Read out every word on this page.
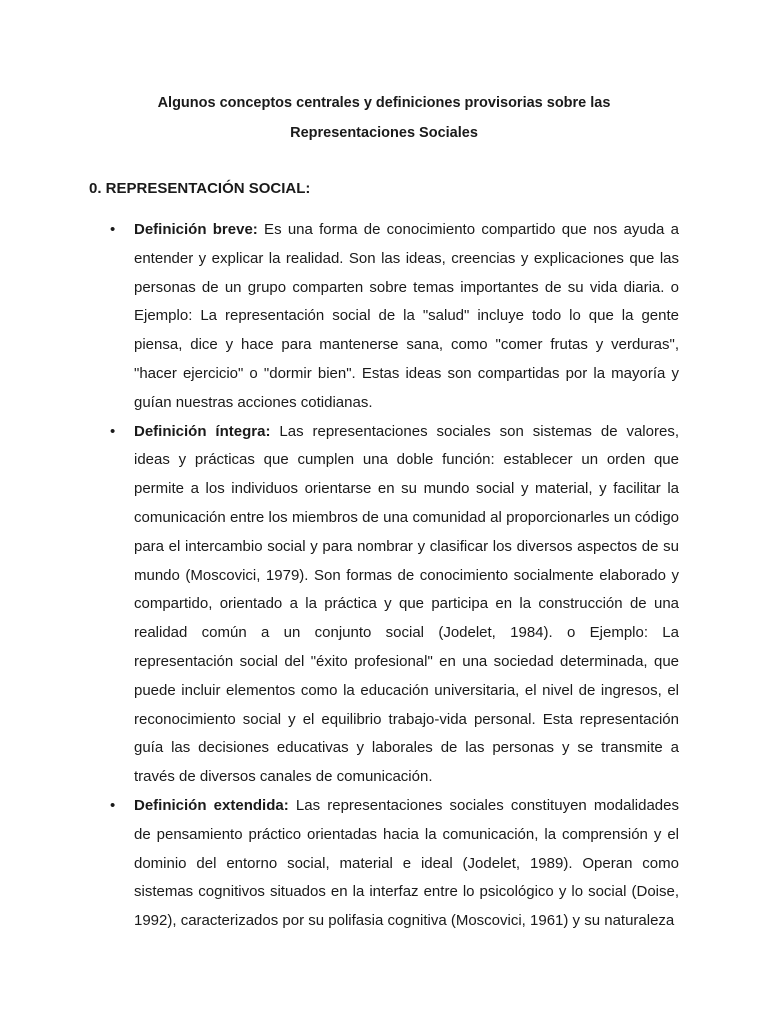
Algunos conceptos centrales y definiciones provisorias sobre las

Representaciones Sociales

0. REPRESENTACIÓN SOCIAL:

• Definición breve: Es una forma de conocimiento compartido que nos ayuda a entender y explicar la realidad. Son las ideas, creencias y explicaciones que las personas de un grupo comparten sobre temas importantes de su vida diaria. o Ejemplo: La representación social de la "salud" incluye todo lo que la gente piensa, dice y hace para mantenerse sana, como "comer frutas y verduras", "hacer ejercicio" o "dormir bien". Estas ideas son compartidas por la mayoría y guían nuestras acciones cotidianas.
• Definición íntegra: Las representaciones sociales son sistemas de valores, ideas y prácticas que cumplen una doble función: establecer un orden que permite a los individuos orientarse en su mundo social y material, y facilitar la comunicación entre los miembros de una comunidad al proporcionarles un código para el intercambio social y para nombrar y clasificar los diversos aspectos de su mundo (Moscovici, 1979). Son formas de conocimiento socialmente elaborado y compartido, orientado a la práctica y que participa en la construcción de una realidad común a un conjunto social (Jodelet, 1984). o Ejemplo: La representación social del "éxito profesional" en una sociedad determinada, que puede incluir elementos como la educación universitaria, el nivel de ingresos, el reconocimiento social y el equilibrio trabajo-vida personal. Esta representación guía las decisiones educativas y laborales de las personas y se transmite a través de diversos canales de comunicación.
• Definición extendida: Las representaciones sociales constituyen modalidades de pensamiento práctico orientadas hacia la comunicación, la comprensión y el dominio del entorno social, material e ideal (Jodelet, 1989). Operan como sistemas cognitivos situados en la interfaz entre lo psicológico y lo social (Doise, 1992), caracterizados por su polifasia cognitiva (Moscovici, 1961) y su naturaleza
